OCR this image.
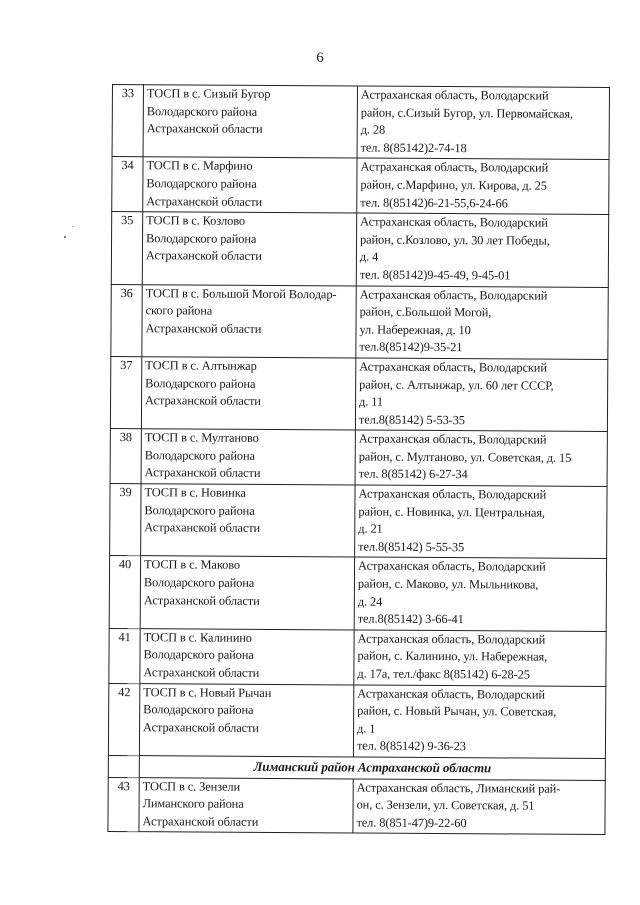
6
33	ТОСП в с. Сизый Бугор
Володарского района
Астраханской области	Астраханская область, Володарский
район, с.Сизый Бугор, ул. Первомайская,
д. 28
тел. 8(85142)2-74-18

34	ТОСП в с. Марфино
Володарского района
Астраханской области	Астраханская область, Володарский
район, с.Марфино, ул. Кирова, д. 25
тел. 8(85142)6-21-55,6-24-66

35	ТОСП в с. Козлово
Володарского района
Астраханской области	Астраханская область, Володарский
район, с.Козлово, ул. 30 лет Победы,
д. 4
тел. 8(85142)9-45-49, 9-45-01

36	ТОСП в с. Большой Могой Володар-
ского района
Астраханской области	Астраханская область, Володарский
район, с.Большой Могой,
ул. Набережная, д. 10
тел.8(85142)9-35-21

37	ТОСП в с. Алтынжар
Володарского района
Астраханской области	Астраханская область, Володарский
район, с. Алтынжар, ул. 60 лет СССР,
д. 11
тел.8(85142) 5-53-35

38	ТОСП в с. Мултаново
Володарского района
Астраханской области	Астраханская область, Володарский
район, с. Мултаново, ул. Советская, д. 15
тел. 8(85142) 6-27-34

39	ТОСП в с. Новинка
Володарского района
Астраханской области	Астраханская область, Володарский
район, с. Новинка, ул. Центральная,
д. 21
тел.8(85142) 5-55-35

40	ТОСП в с. Маково
Володарского района
Астраханской области	Астраханская область, Володарский
район, с. Маково, ул. Мыльникова,
д. 24
тел.8(85142) 3-66-41

41	ТОСП в с. Калинино
Володарского района
Астраханской области	Астраханская область, Володарский
район, с. Калинино, ул. Набережная,
д. 17а, тел./факс 8(85142) 6-28-25

42	ТОСП в с. Новый Рычан
Володарского района
Астраханской области	Астраханская область, Володарский
район, с. Новый Рычан, ул. Советская,
д. 1
тел. 8(85142) 9-36-23

	Лиманский район Астраханской области	
43	ТОСП в с. Зензели
Лиманского района
Астраханской области	Астраханская область, Лиманский рай-
он, с. Зензели, ул. Советская, д. 51
тел. 8(851-47)9-22-60
